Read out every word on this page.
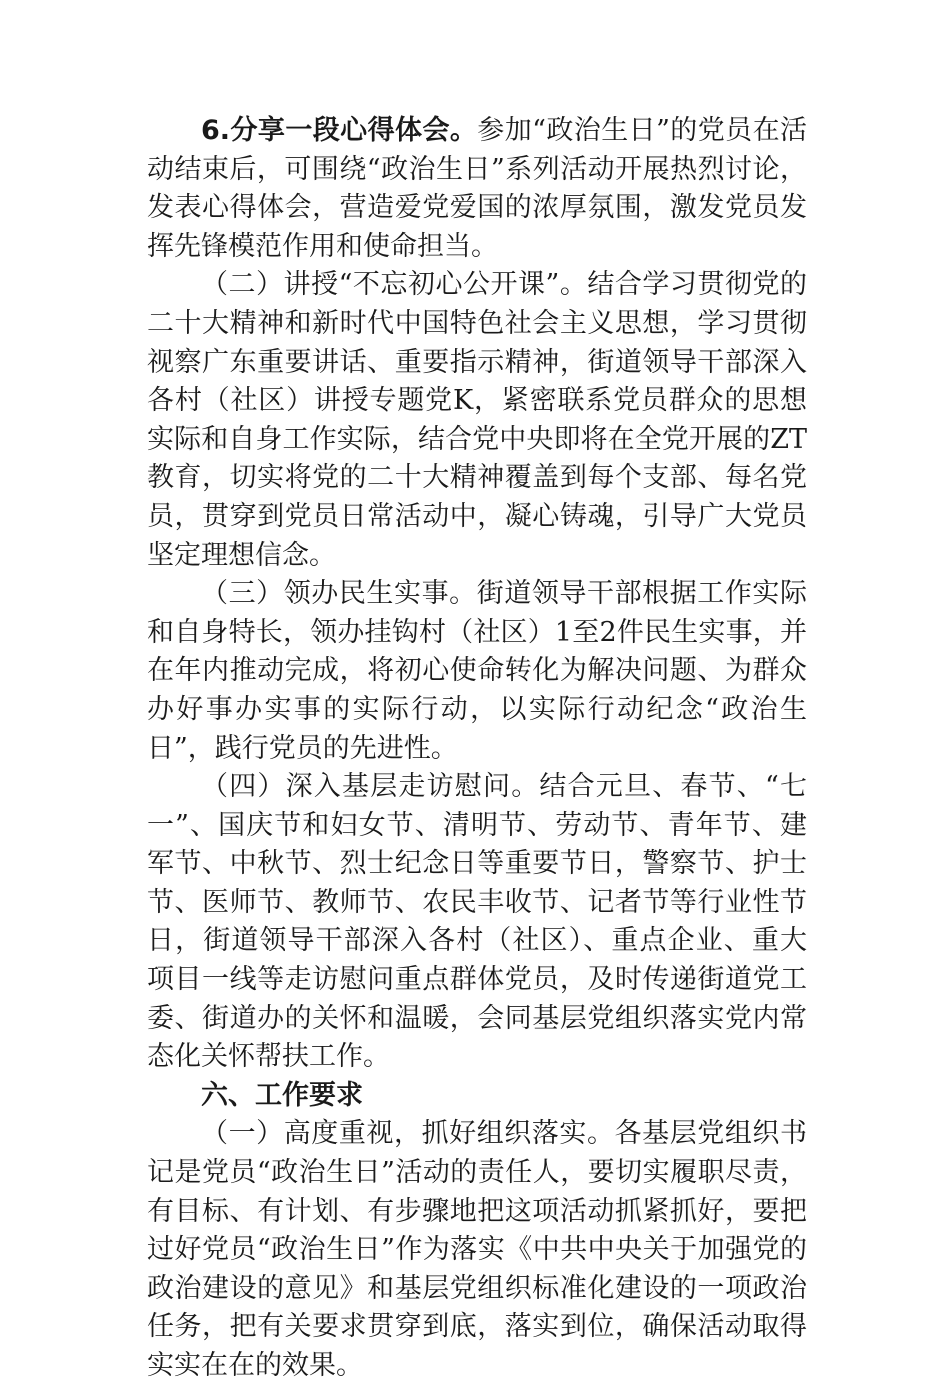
6.分享一段心得体会。参加“政治生日”的党员在活动结束后，可围绕“政治生日”系列活动开展热烈讨论，发表心得体会，营造爱党爱国的浓厚氛围，激发党员发挥先锋模范作用和使命担当。

（二）讲授“不忘初心公开课”。结合学习贯彻党的二十大精神和新时代中国特色社会主义思想，学习贯彻视察广东重要讲话、重要指示精神，街道领导干部深入各村（社区）讲授专题党K，紧密联系党员群众的思想实际和自身工作实际，结合党中央即将在全党开展的ZT教育，切实将党的二十大精神覆盖到每个支部、每名党员，贯穿到党员日常活动中，凝心铸魂，引导广大党员坚定理想信念。

（三）领办民生实事。街道领导干部根据工作实际和自身特长，领办挂钩村（社区）1至2件民生实事，并在年内推动完成，将初心使命转化为解决问题、为群众办好事办实事的实际行动，以实际行动纪念“政治生日”，践行党员的先进性。

（四）深入基层走访慰问。结合元旦、春节、“七一”、国庆节和妇女节、清明节、劳动节、青年节、建军节、中秋节、烈士纪念日等重要节日，警察节、护士节、医师节、教师节、农民丰收节、记者节等行业性节日，街道领导干部深入各村（社区）、重点企业、重大项目一线等走访慰问重点群体党员，及时传递街道党工委、街道办的关怀和温暖，会同基层党组织落实党内常态化关怀帮扶工作。

六、工作要求

（一）高度重视，抓好组织落实。各基层党组织书记是党员“政治生日”活动的责任人，要切实履职尽责，有目标、有计划、有步骤地把这项活动抓紧抓好，要把过好党员“政治生日”作为落实《中共中央关于加强党的政治建设的意见》和基层党组织标准化建设的一项政治任务，把有关要求贯穿到底，落实到位，确保活动取得实实在在的效果。
